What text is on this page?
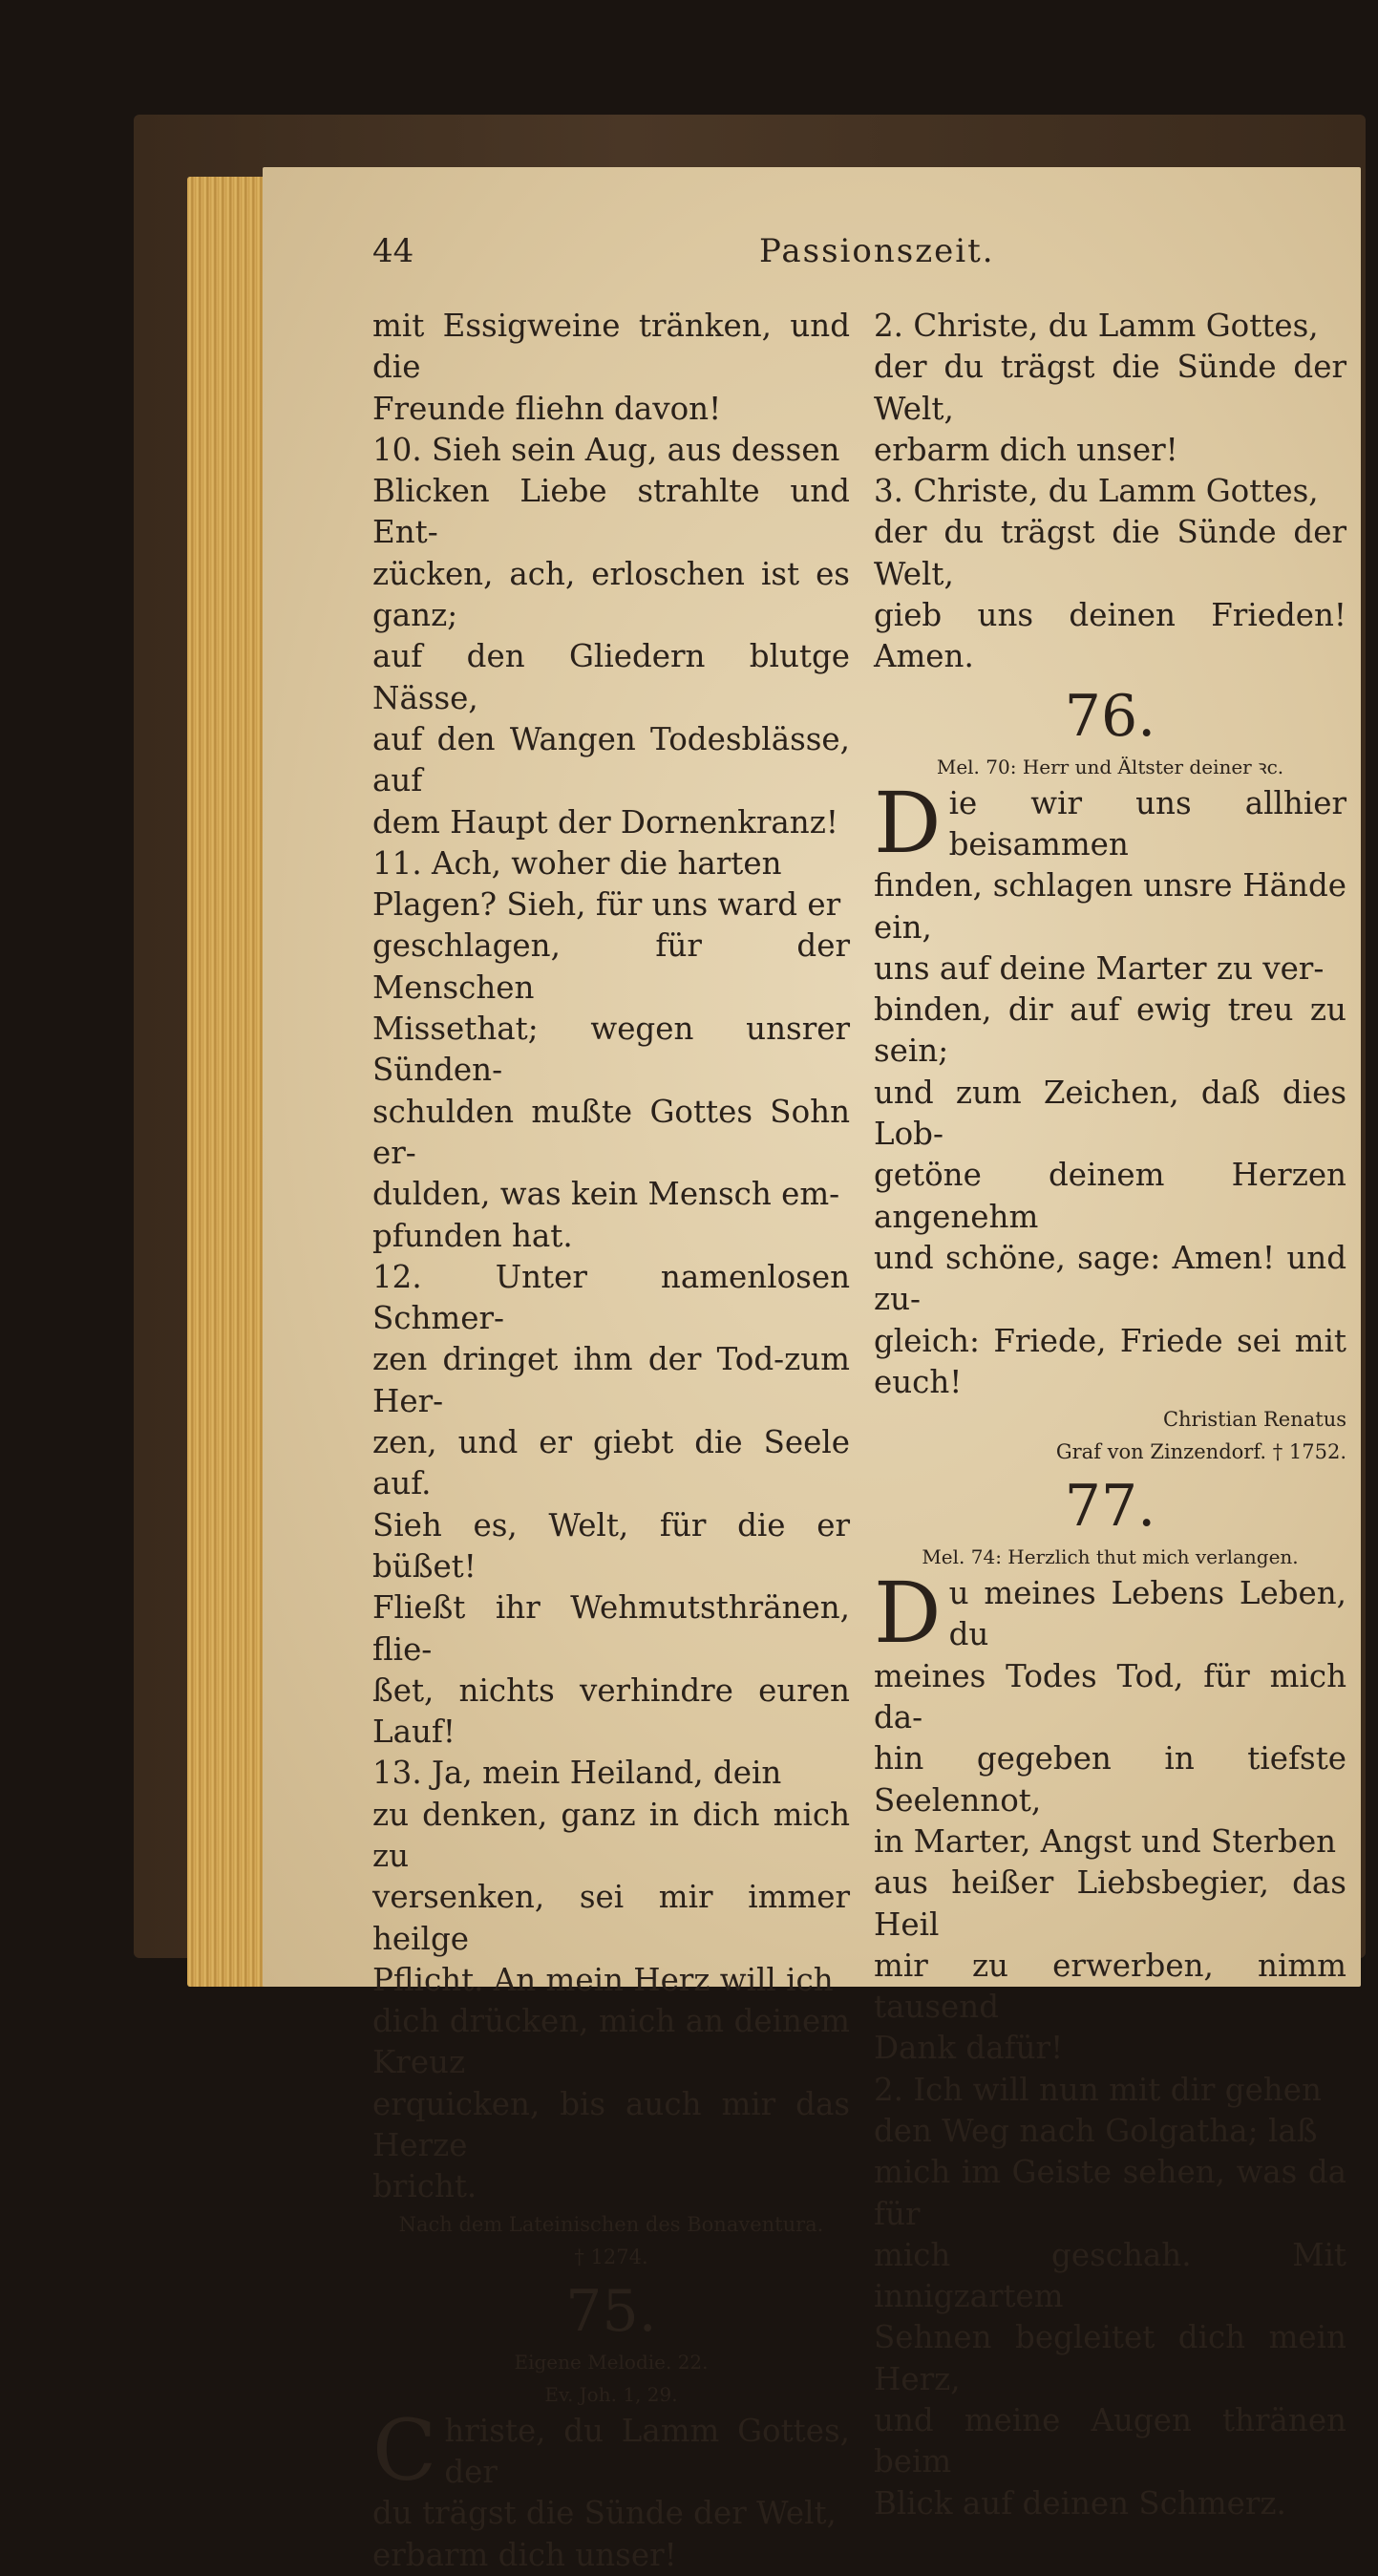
44	Passionszeit.

mit Essigweine tränken, und die

Freunde fliehn davon!

10. Sieh sein Aug, aus dessen

Blicken Liebe strahlte und Ent-

zücken, ach, erloschen ist es ganz;

auf den Gliedern blutge Nässe,

auf den Wangen Todesblässe, auf

dem Haupt der Dornenkranz!

11. Ach, woher die harten

Plagen? Sieh, für uns ward er

geschlagen, für der Menschen

Missethat; wegen unsrer Sünden-

schulden mußte Gottes Sohn er-

dulden, was kein Mensch em-

pfunden hat.

12. Unter namenlosen Schmer-

zen dringet ihm der Tod-zum Her-

zen, und er giebt die Seele auf.

Sieh es, Welt, für die er büßet!

Fließt ihr Wehmutsthränen, flie-

ßet, nichts verhindre euren Lauf!

13. Ja, mein Heiland, dein

zu denken, ganz in dich mich zu

versenken, sei mir immer heilge

Pflicht. An mein Herz will ich

dich drücken, mich an deinem Kreuz

erquicken, bis auch mir das Herze

bricht.

Nach dem Lateinischen des Bonaventura.
† 1274.
75.
Eigene Melodie. 22.
Ev. Joh. 1, 29.
C hriste, du Lamm Gottes, der

du trägst die Sünde der Welt,

erbarm dich unser!

2. Christe, du Lamm Gottes,

der du trägst die Sünde der Welt,

erbarm dich unser!

3. Christe, du Lamm Gottes,

der du trägst die Sünde der Welt,

gieb uns deinen Frieden! Amen.

76.
Mel. 70: Herr und Ältster deiner ꝛc.
D ie wir uns allhier beisammen

finden, schlagen unsre Hände ein,

uns auf deine Marter zu ver-

binden, dir auf ewig treu zu sein;

und zum Zeichen, daß dies Lob-

getöne deinem Herzen angenehm

und schöne, sage: Amen! und zu-

gleich: Friede, Friede sei mit euch!

Christian Renatus
Graf von Zinzendorf. † 1752.
77.
Mel. 74: Herzlich thut mich verlangen.
D u meines Lebens Leben, du

meines Todes Tod, für mich da-

hin gegeben in tiefste Seelennot,

in Marter, Angst und Sterben

aus heißer Liebsbegier, das Heil

mir zu erwerben, nimm tausend

Dank dafür!

2. Ich will nun mit dir gehen

den Weg nach Golgatha; laß

mich im Geiste sehen, was da für

mich geschah. Mit innigzartem

Sehnen begleitet dich mein Herz,

und meine Augen thränen beim

Blick auf deinen Schmerz.
